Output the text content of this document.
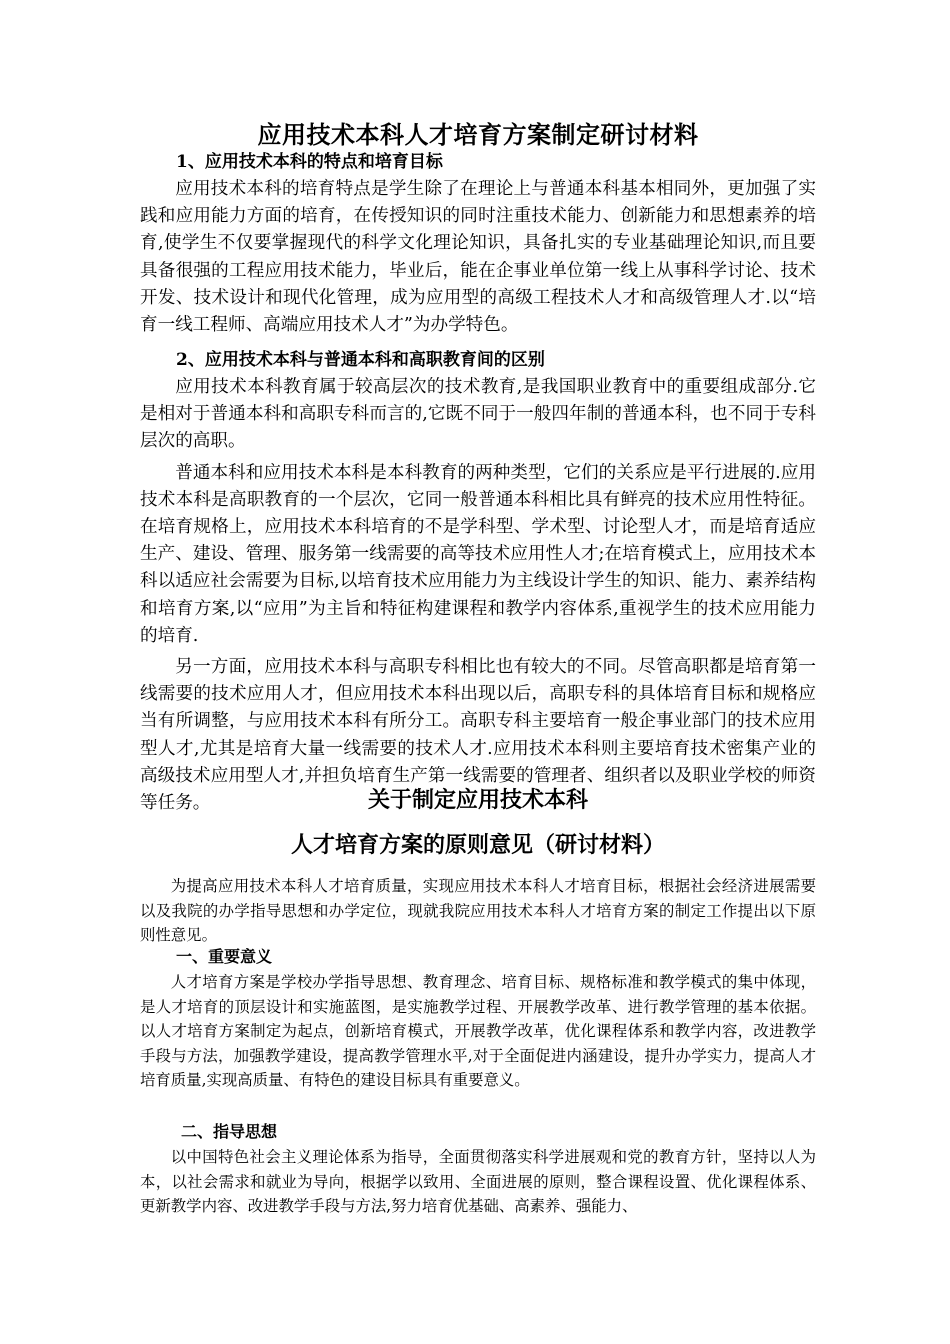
应用技术本科人才培育方案制定研讨材料
1、应用技术本科的特点和培育目标

应用技术本科的培育特点是学生除了在理论上与普通本科基本相同外，更加强了实践和应用能力方面的培育，在传授知识的同时注重技术能力、创新能力和思想素养的培育,使学生不仅要掌握现代的科学文化理论知识，具备扎实的专业基础理论知识,而且要具备很强的工程应用技术能力，毕业后，能在企事业单位第一线上从事科学讨论、技术开发、技术设计和现代化管理，成为应用型的高级工程技术人才和高级管理人才.以“培育一线工程师、高端应用技术人才”为办学特色。

2、应用技术本科与普通本科和高职教育间的区别

应用技术本科教育属于较高层次的技术教育,是我国职业教育中的重要组成部分.它是相对于普通本科和高职专科而言的,它既不同于一般四年制的普通本科，也不同于专科层次的高职。

普通本科和应用技术本科是本科教育的两种类型，它们的关系应是平行进展的.应用技术本科是高职教育的一个层次，它同一般普通本科相比具有鲜亮的技术应用性特征。在培育规格上，应用技术本科培育的不是学科型、学术型、讨论型人才，而是培育适应生产、建设、管理、服务第一线需要的高等技术应用性人才;在培育模式上，应用技术本科以适应社会需要为目标,以培育技术应用能力为主线设计学生的知识、能力、素养结构和培育方案,以“应用”为主旨和特征构建课程和教学内容体系,重视学生的技术应用能力的培育.

另一方面，应用技术本科与高职专科相比也有较大的不同。尽管高职都是培育第一线需要的技术应用人才，但应用技术本科出现以后，高职专科的具体培育目标和规格应当有所调整，与应用技术本科有所分工。高职专科主要培育一般企事业部门的技术应用型人才,尤其是培育大量一线需要的技术人才.应用技术本科则主要培育技术密集产业的高级技术应用型人才,并担负培育生产第一线需要的管理者、组织者以及职业学校的师资等任务。	关于制定应用技术本科
人才培育方案的原则意见（研讨材料）

为提高应用技术本科人才培育质量，实现应用技术本科人才培育目标，根据社会经济进展需要以及我院的办学指导思想和办学定位，现就我院应用技术本科人才培育方案的制定工作提出以下原则性意见。

一、重要意义

人才培育方案是学校办学指导思想、教育理念、培育目标、规格标准和教学模式的集中体现，是人才培育的顶层设计和实施蓝图，是实施教学过程、开展教学改革、进行教学管理的基本依据。以人才培育方案制定为起点，创新培育模式，开展教学改革，优化课程体系和教学内容，改进教学手段与方法，加强教学建设，提高教学管理水平,对于全面促进内涵建设，提升办学实力，提高人才培育质量,实现高质量、有特色的建设目标具有重要意义。

二、指导思想

以中国特色社会主义理论体系为指导，全面贯彻落实科学进展观和党的教育方针，坚持以人为本，以社会需求和就业为导向，根据学以致用、全面进展的原则，整合课程设置、优化课程体系、更新教学内容、改进教学手段与方法,努力培育优基础、高素养、强能力、
